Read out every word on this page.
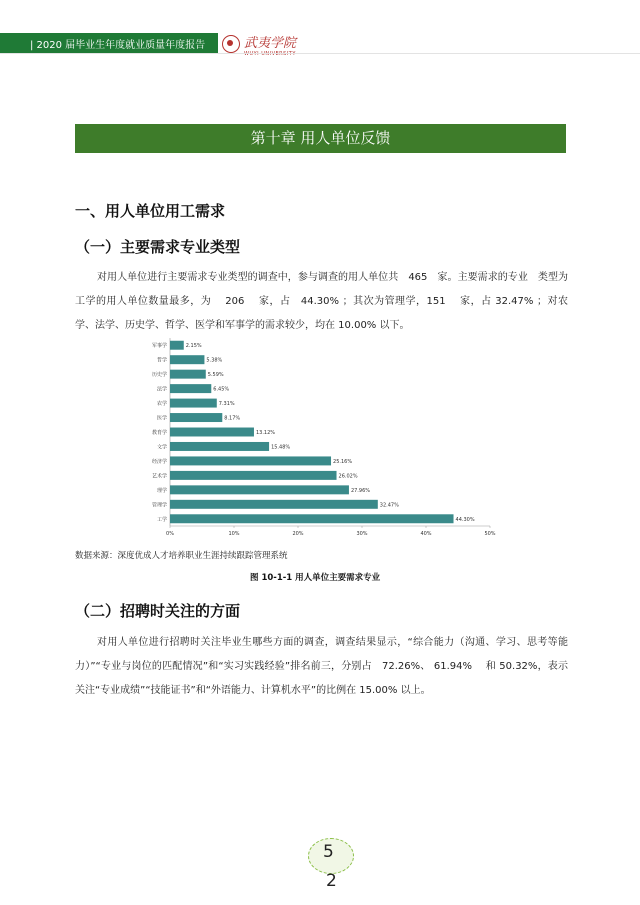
| 2020 届毕业生年度就业质量年度报告	武夷学院
第十章 用人单位反馈
一、用人单位用工需求
（一）主要需求专业类型

对用人单位进行主要需求专业类型的调查中，参与调查的用人单位共　465　家。主要需求的专业　类型为工学的用人单位数量最多，为　 206　 家，占　44.30% ；其次为管理学，151　 家，占 32.47% ；对农 学、法学、历史学、哲学、医学和军事学的需求较少，均在 10.00% 以下。

军事学	2.15%
哲学	5.38%
历史学	5.59%
法学	6.45%
农学	7.31%
医学	8.17%
教育学	13.12%
文学	15.48%
经济学	25.16%
艺术学	26.02%
理学	27.96%
管理学	32.47%
工学	44.30%
0%	10%	20%	30%	40%	50%
数据来源：深度优成人才培养职业生涯持续跟踪管理系统
图 10-1-1 用人单位主要需求专业
（二）招聘时关注的方面

对用人单位进行招聘时关注毕业生哪些方面的调查，调查结果显示，“综合能力（沟通、学习、思考等能力）”“专业与岗位的匹配情况”和“实习实践经验”排名前三，分别占　72.26%、 61.94%　 和 50.32%，表示关注“专业成绩”“技能证书”和“外语能力、计算机水平”的比例在 15.00% 以上。

5
2
